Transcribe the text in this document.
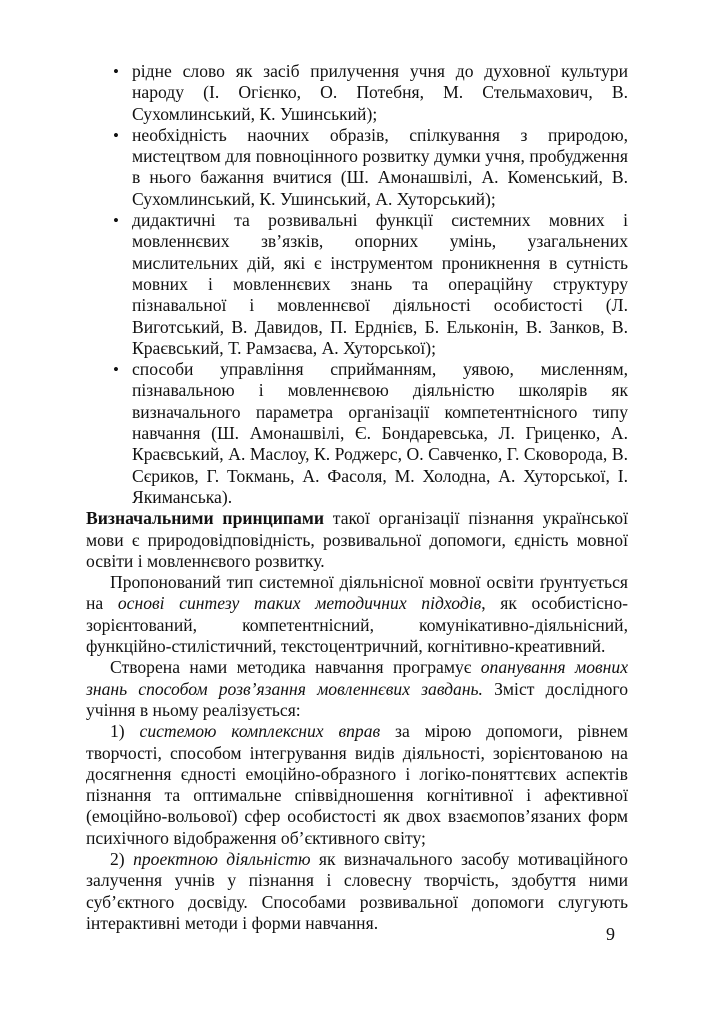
• рідне слово як засіб прилучення учня до духовної культури народу (І. Огієнко, О. Потебня, М. Стельмахович, В. Сухомлинський, К. Ушинський);
• необхідність наочних образів, спілкування з природою, мистецтвом для повноцінного розвитку думки учня, пробудження в нього бажання вчитися (Ш. Амонашвілі, А. Коменський, В. Сухомлинський, К. Ушинський, А. Хуторський);
• дидактичні та розвивальні функції системних мовних і мовленнєвих зв’язків, опорних умінь, узагальнених мислительних дій, які є інструментом проникнення в сутність мовних і мовленнєвих знань та операційну структуру пізнавальної і мовленнєвої діяльності особистості (Л. Виготський, В. Давидов, П. Ерднієв, Б. Ельконін, В. Занков, В. Краєвський, Т. Рамзаєва, А. Хуторської);
• способи управління сприйманням, уявою, мисленням, пізнавальною і мовленнєвою діяльністю школярів як визначального параметра організації компетентнісного типу навчання (Ш. Амонашвілі, Є. Бондаревська, Л. Гриценко, А. Краєвський, А. Маслоу, К. Роджерс, О. Савченко, Г. Сковорода, В. Сєриков, Г. Токмань, А. Фасоля, М. Холодна, А. Хуторської, І. Якиманська).

Визначальними принципами такої організації пізнання української мови є природовідповідність, розвивальної допомоги, єдність мовної освіти і мовленнєвого розвитку.

Пропонований тип системної діяльнісної мовної освіти ґрунтується на основі синтезу таких методичних підходів, як особистісно-зорієнтований, компетентнісний, комунікативно-діяльнісний, функційно-стилістичний, текстоцентричний, когнітивно-креативний.

Створена нами методика навчання програмує опанування мовних знань способом розв’язання мовленнєвих завдань. Зміст дослідного учіння в ньому реалізується:

1) системою комплексних вправ за мірою допомоги, рівнем творчості, способом інтегрування видів діяльності, зорієнтованою на досягнення єдності емоційно-образного і логіко-поняттєвих аспектів пізнання та оптимальне співвідношення когнітивної і афективної (емоційно-вольової) сфер особистості як двох взаємопов’язаних форм психічного відображення об’єктивного світу;

2) проектною діяльністю як визначального засобу мотиваційного залучення учнів у пізнання і словесну творчість, здобуття ними суб’єктного досвіду. Способами розвивальної допомоги слугують інтерактивні методи і форми навчання.

9
